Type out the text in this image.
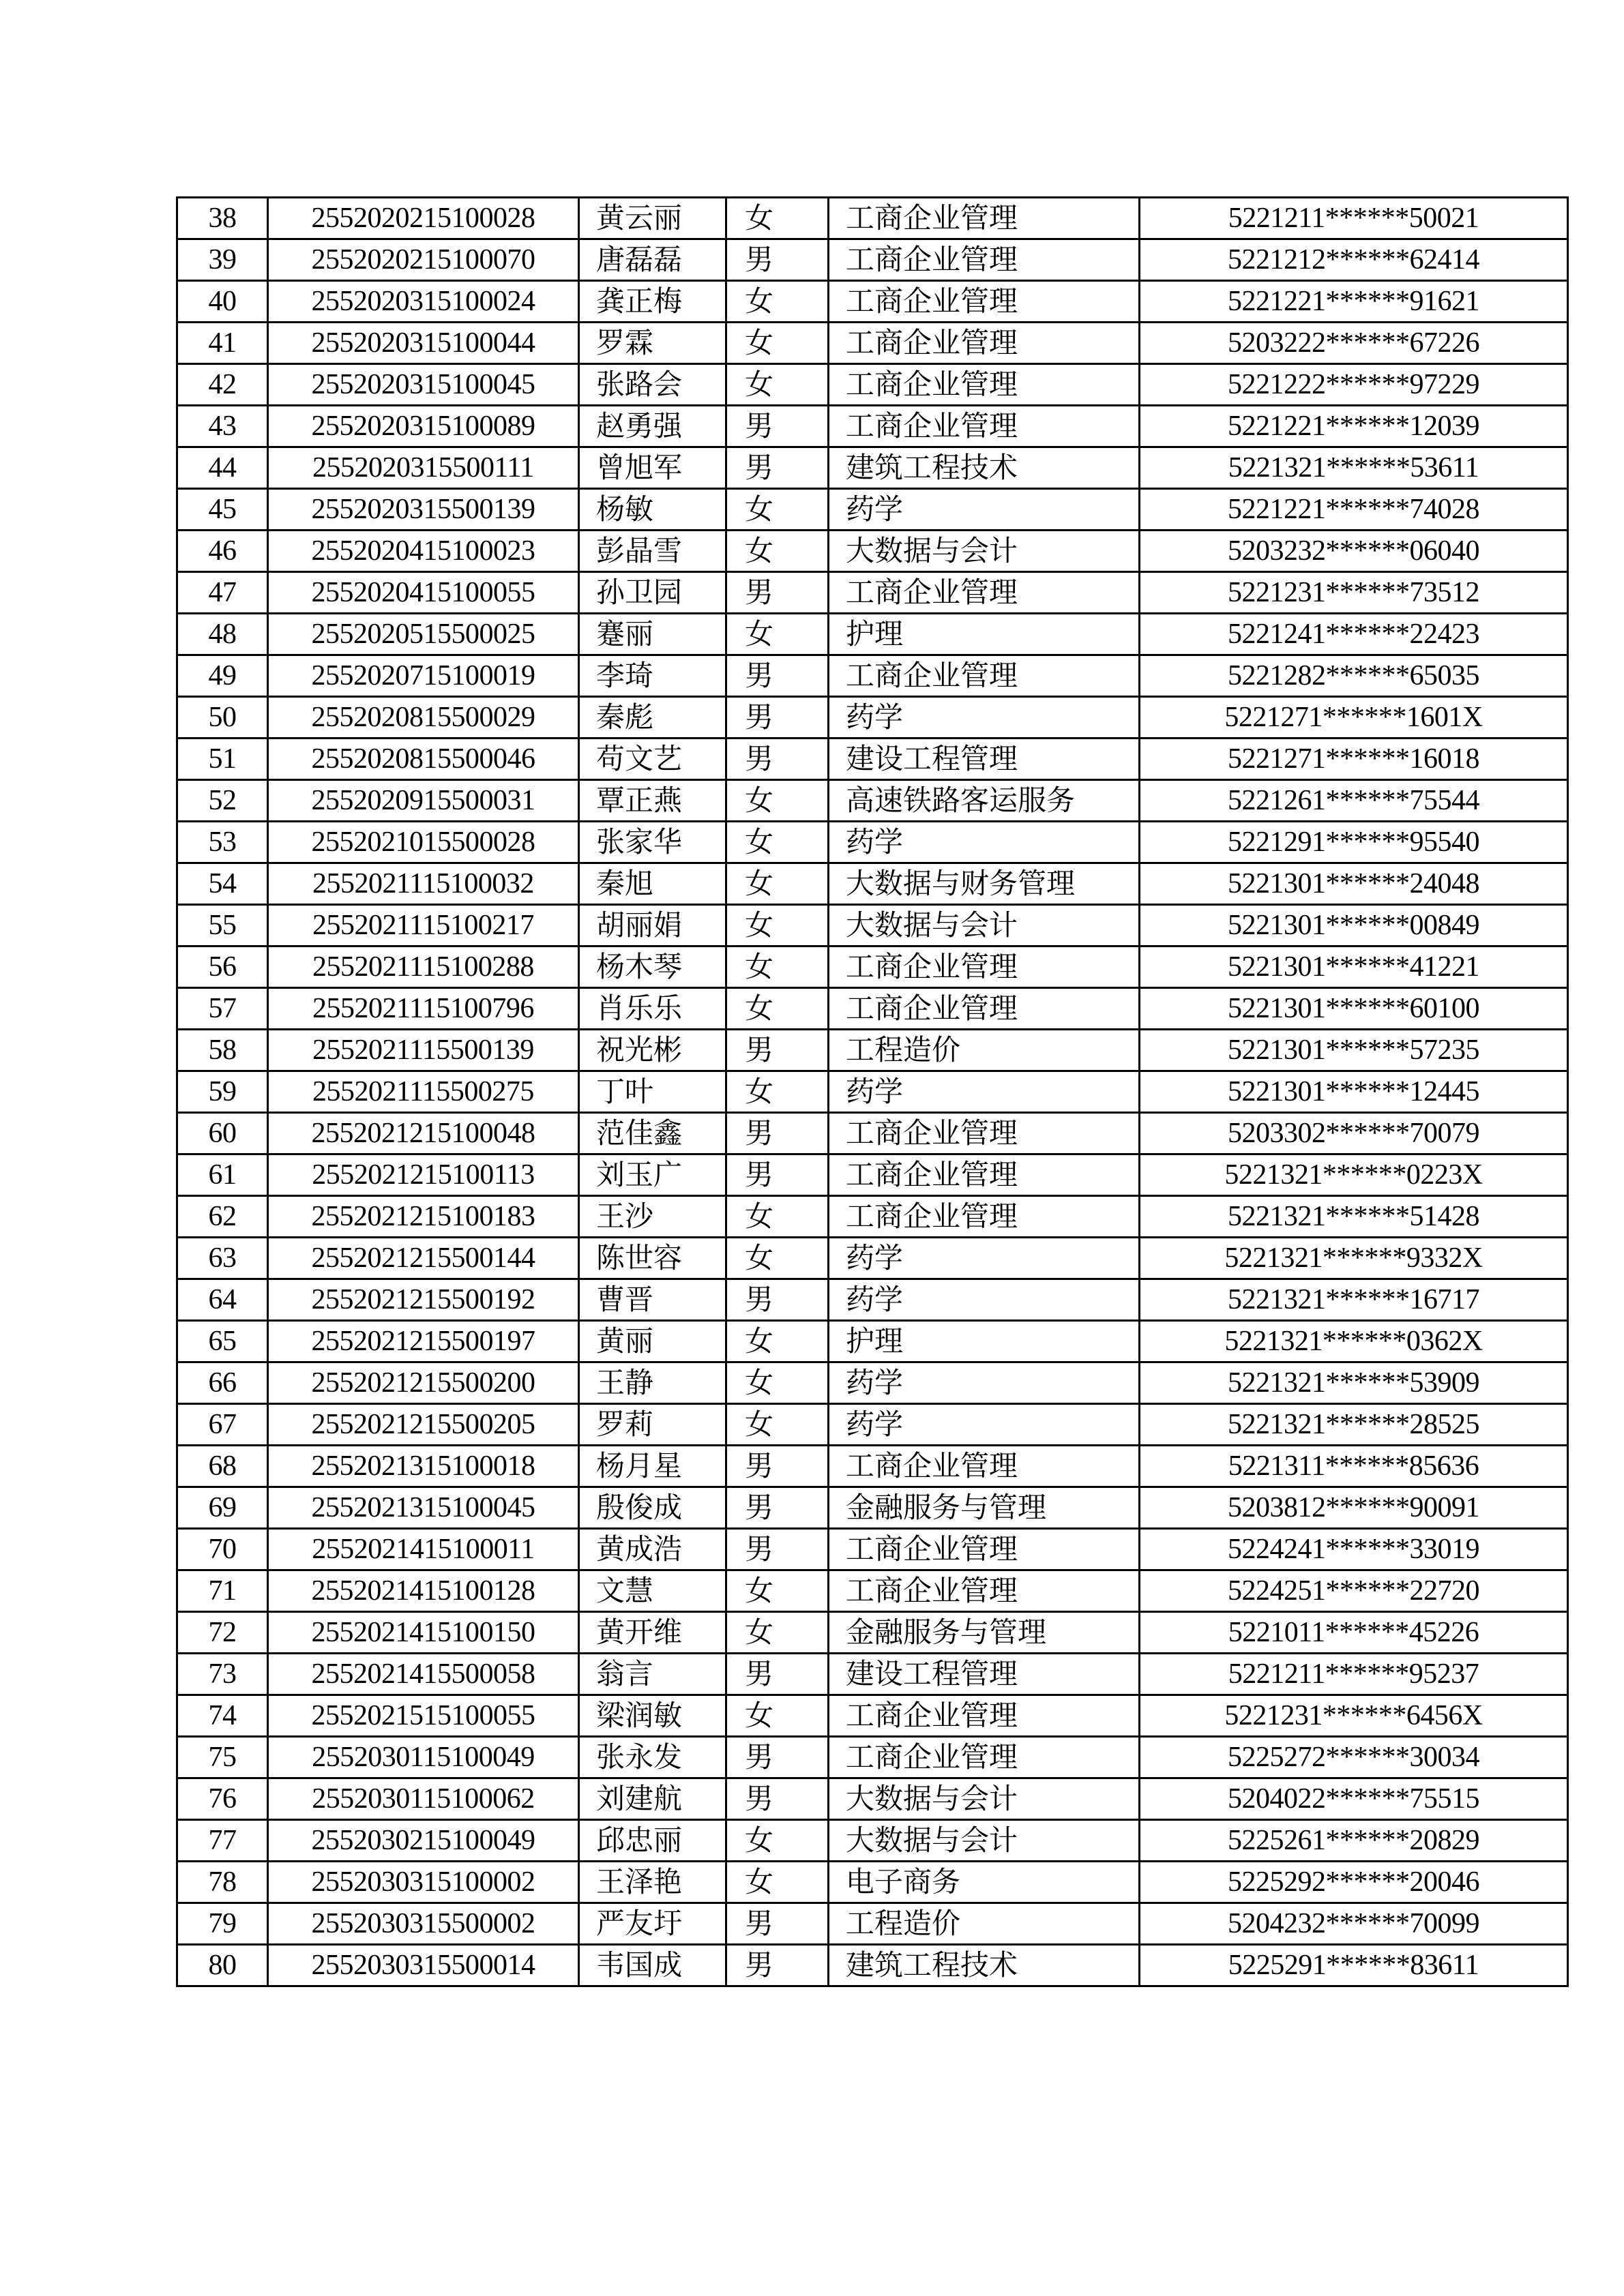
38	2552020215100028	黄云丽	女	工商企业管理	5221211******50021
39	2552020215100070	唐磊磊	男	工商企业管理	5221212******62414
40	2552020315100024	龚正梅	女	工商企业管理	5221221******91621
41	2552020315100044	罗霖	女	工商企业管理	5203222******67226
42	2552020315100045	张路会	女	工商企业管理	5221222******97229
43	2552020315100089	赵勇强	男	工商企业管理	5221221******12039
44	2552020315500111	曾旭军	男	建筑工程技术	5221321******53611
45	2552020315500139	杨敏	女	药学	5221221******74028
46	2552020415100023	彭晶雪	女	大数据与会计	5203232******06040
47	2552020415100055	孙卫园	男	工商企业管理	5221231******73512
48	2552020515500025	蹇丽	女	护理	5221241******22423
49	2552020715100019	李琦	男	工商企业管理	5221282******65035
50	2552020815500029	秦彪	男	药学	5221271******1601X
51	2552020815500046	苟文艺	男	建设工程管理	5221271******16018
52	2552020915500031	覃正燕	女	高速铁路客运服务	5221261******75544
53	2552021015500028	张家华	女	药学	5221291******95540
54	2552021115100032	秦旭	女	大数据与财务管理	5221301******24048
55	2552021115100217	胡丽娟	女	大数据与会计	5221301******00849
56	2552021115100288	杨木琴	女	工商企业管理	5221301******41221
57	2552021115100796	肖乐乐	女	工商企业管理	5221301******60100
58	2552021115500139	祝光彬	男	工程造价	5221301******57235
59	2552021115500275	丁叶	女	药学	5221301******12445
60	2552021215100048	范佳鑫	男	工商企业管理	5203302******70079
61	2552021215100113	刘玉广	男	工商企业管理	5221321******0223X
62	2552021215100183	王沙	女	工商企业管理	5221321******51428
63	2552021215500144	陈世容	女	药学	5221321******9332X
64	2552021215500192	曹晋	男	药学	5221321******16717
65	2552021215500197	黄丽	女	护理	5221321******0362X
66	2552021215500200	王静	女	药学	5221321******53909
67	2552021215500205	罗莉	女	药学	5221321******28525
68	2552021315100018	杨月星	男	工商企业管理	5221311******85636
69	2552021315100045	殷俊成	男	金融服务与管理	5203812******90091
70	2552021415100011	黄成浩	男	工商企业管理	5224241******33019
71	2552021415100128	文慧	女	工商企业管理	5224251******22720
72	2552021415100150	黄开维	女	金融服务与管理	5221011******45226
73	2552021415500058	翁言	男	建设工程管理	5221211******95237
74	2552021515100055	梁润敏	女	工商企业管理	5221231******6456X
75	2552030115100049	张永发	男	工商企业管理	5225272******30034
76	2552030115100062	刘建航	男	大数据与会计	5204022******75515
77	2552030215100049	邱忠丽	女	大数据与会计	5225261******20829
78	2552030315100002	王泽艳	女	电子商务	5225292******20046
79	2552030315500002	严友圩	男	工程造价	5204232******70099
80	2552030315500014	韦国成	男	建筑工程技术	5225291******83611
